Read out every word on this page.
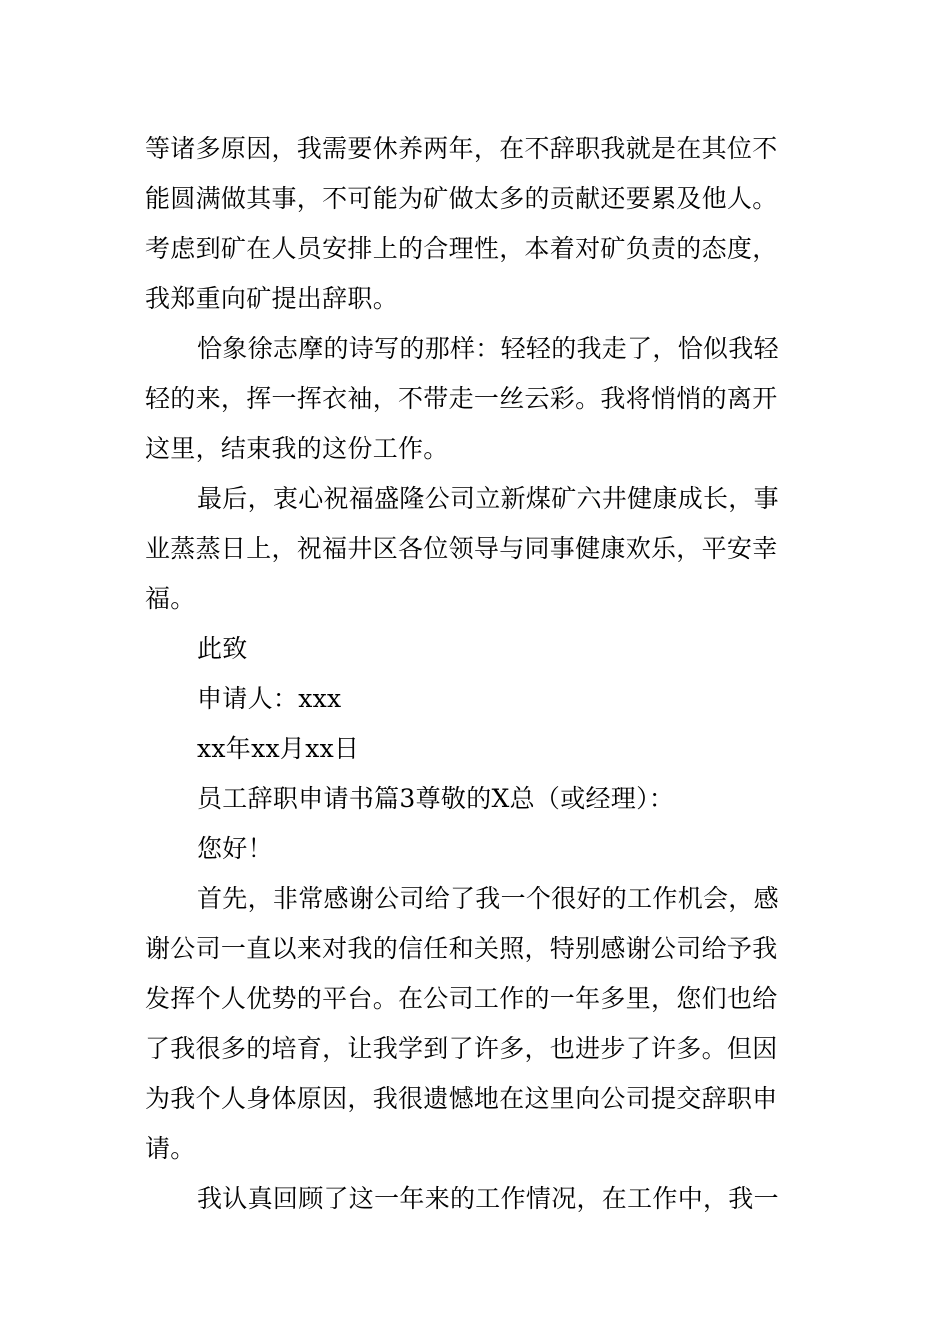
等诸多原因，我需要休养两年，在不辞职我就是在其位不
能圆满做其事，不可能为矿做太多的贡献还要累及他人。
考虑到矿在人员安排上的合理性，本着对矿负责的态度，
我郑重向矿提出辞职。
恰象徐志摩的诗写的那样：轻轻的我走了，恰似我轻
轻的来，挥一挥衣袖，不带走一丝云彩。我将悄悄的离开
这里，结束我的这份工作。
最后，衷心祝福盛隆公司立新煤矿六井健康成长，事
业蒸蒸日上，祝福井区各位领导与同事健康欢乐，平安幸
福。
此致
申请人：xxx
xx年xx月xx日
员工辞职申请书篇3尊敬的X总（或经理）：
您好！
首先，非常感谢公司给了我一个很好的工作机会，感
谢公司一直以来对我的信任和关照，特别感谢公司给予我
发挥个人优势的平台。在公司工作的一年多里，您们也给
了我很多的培育，让我学到了许多，也进步了许多。但因
为我个人身体原因，我很遗憾地在这里向公司提交辞职申
请。
我认真回顾了这一年来的工作情况，在工作中，我一
